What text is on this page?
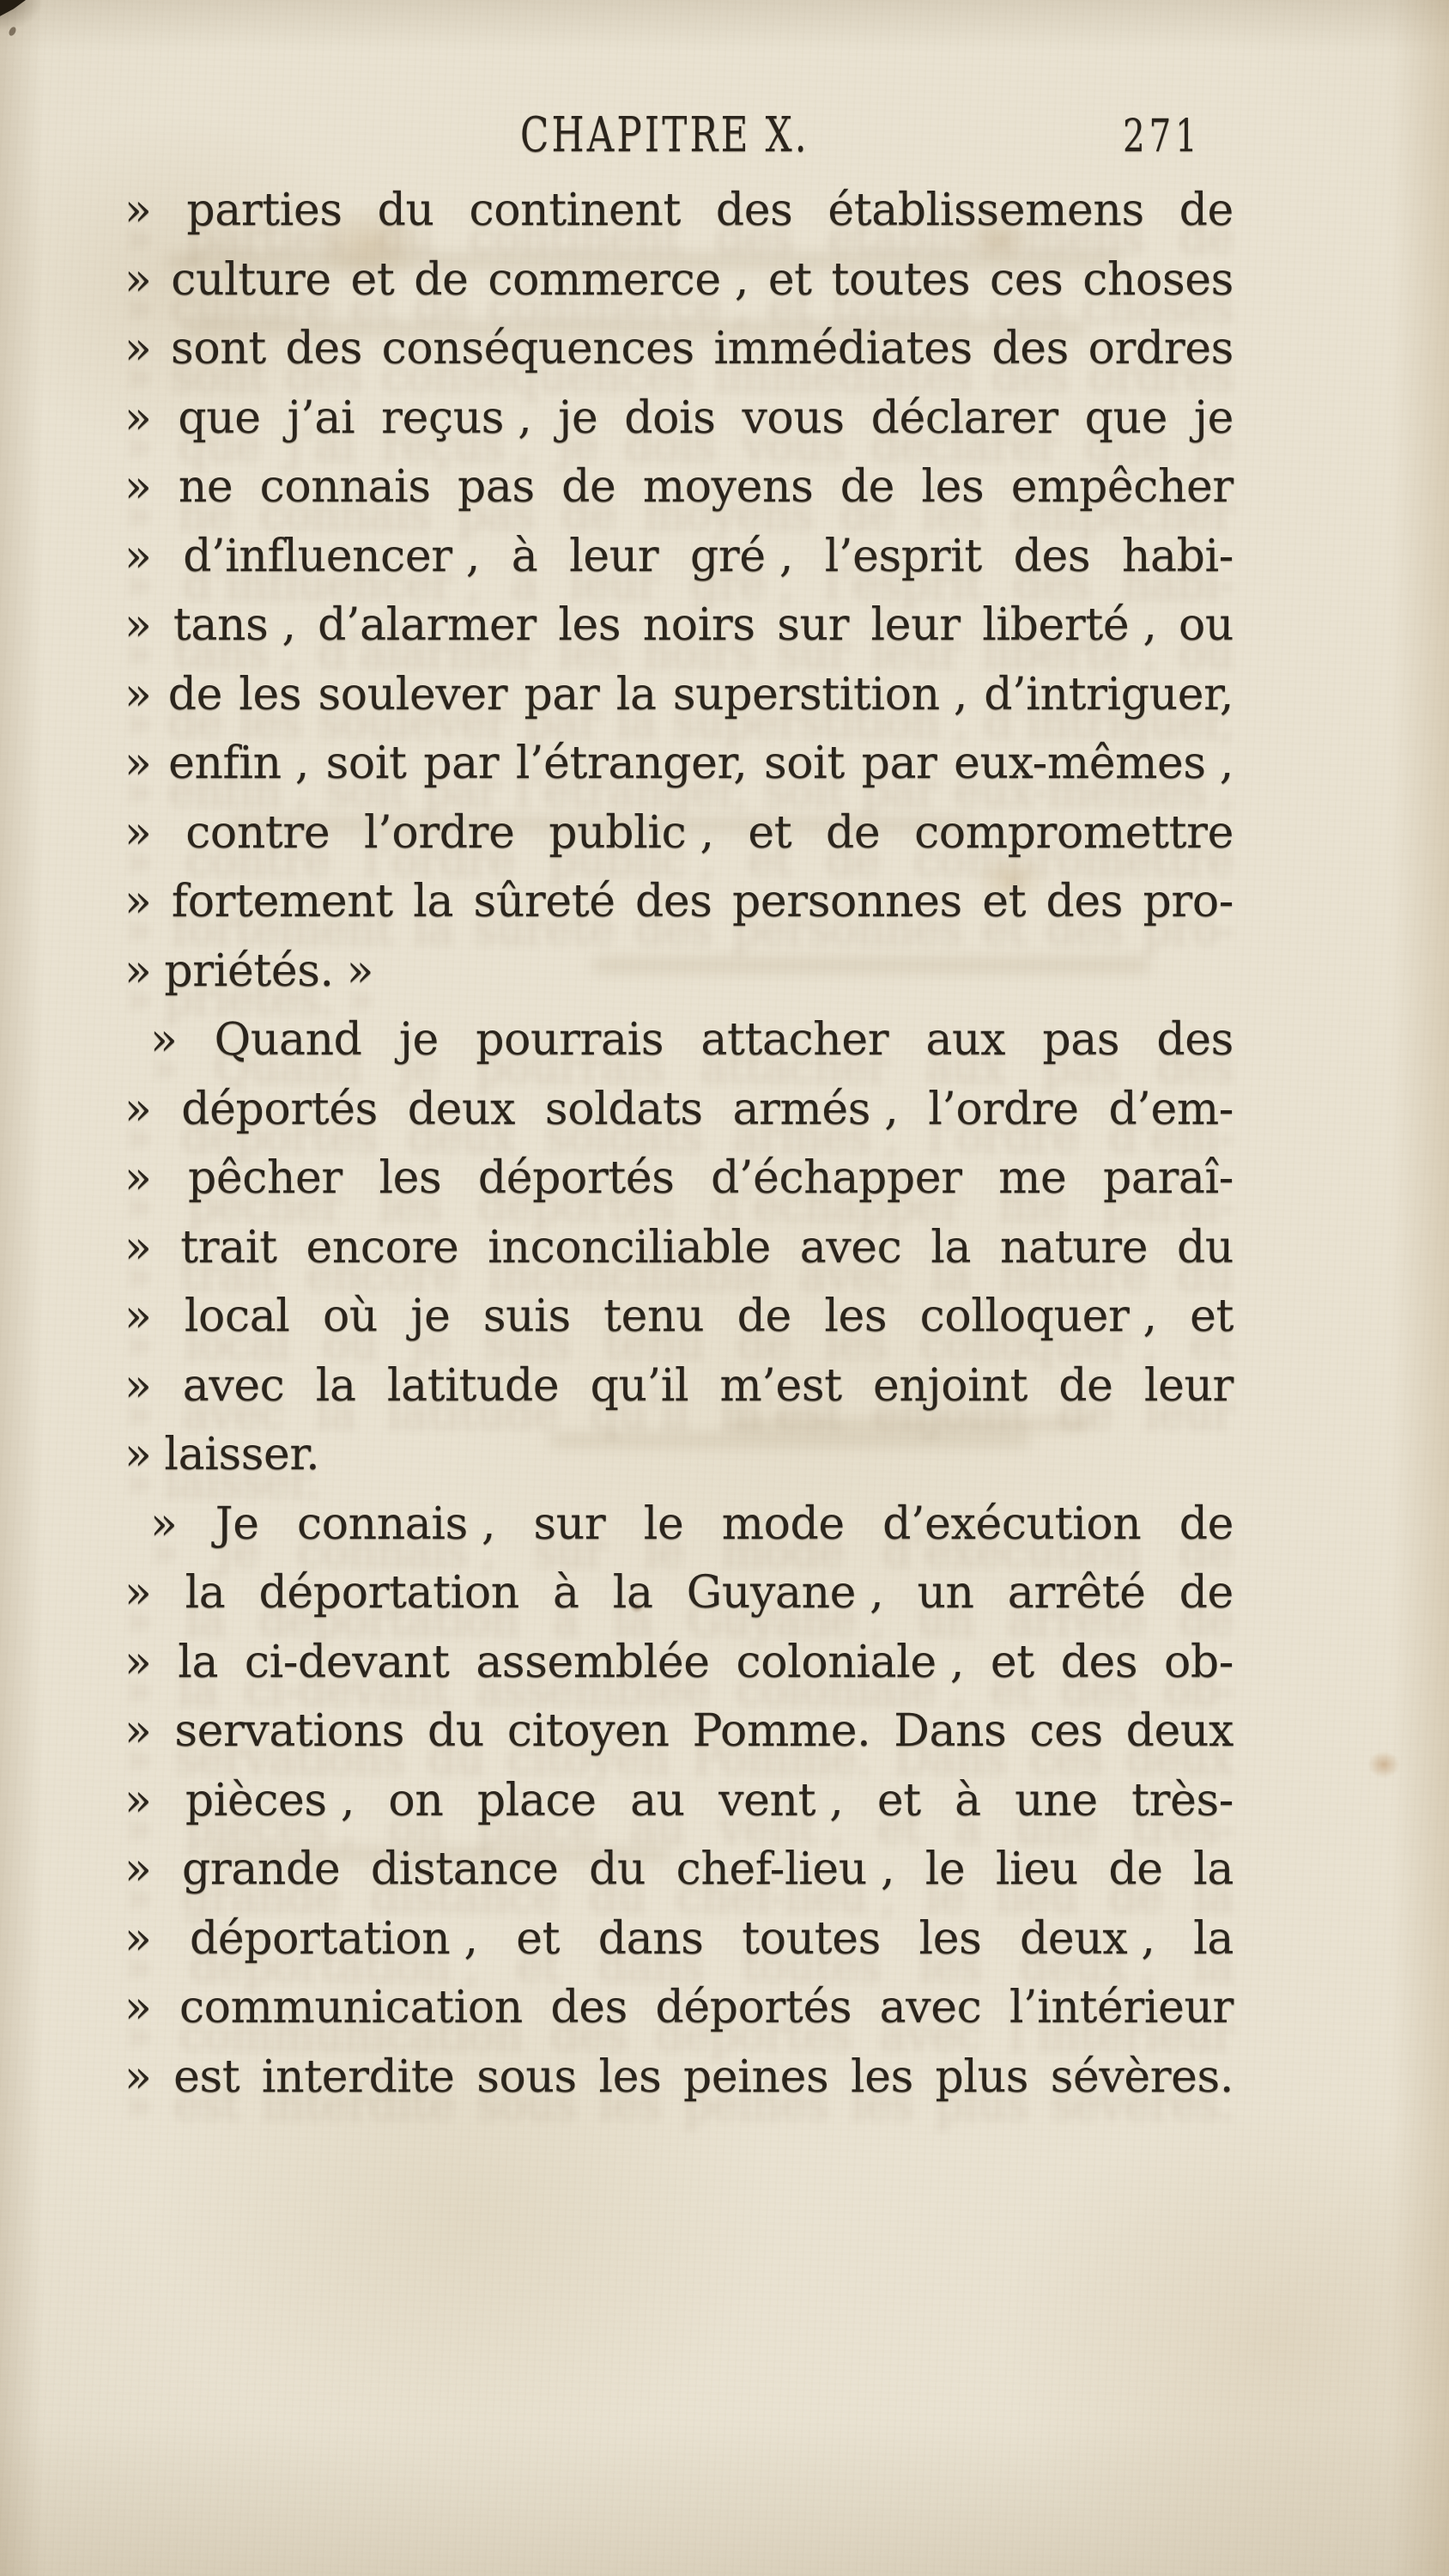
CHAPITRE X.	271
» parties du continent des établissemens de
» culture et de commerce , et toutes ces choses
» sont des conséquences immédiates des ordres
» que j’ai reçus , je dois vous déclarer que je
» ne connais pas de moyens de les empêcher
» d’influencer , à leur gré , l’esprit des habi-
» tans , d’alarmer les noirs sur leur liberté , ou
» de les soulever par la superstition , d’intriguer,
» enfin , soit par l’étranger, soit par eux-mêmes ,
» contre l’ordre public , et de compromettre
» fortement la sûreté des personnes et des pro-
» priétés. »
» Quand je pourrais attacher aux pas des
» déportés deux soldats armés , l’ordre d’em-
» pêcher les déportés d’échapper me paraî-
» trait encore inconciliable avec la nature du
» local où je suis tenu de les colloquer , et
» avec la latitude qu’il m’est enjoint de leur
» laisser.
» Je connais , sur le mode d’exécution de
» la déportation à la Guyane , un arrêté de
» la ci-devant assemblée coloniale , et des ob-
» servations du citoyen Pomme. Dans ces deux
» pièces , on place au vent , et à une très-
» grande distance du chef-lieu , le lieu de la
» déportation , et dans toutes les deux , la
» communication des déportés avec l’intérieur
» est interdite sous les peines les plus sévères.
